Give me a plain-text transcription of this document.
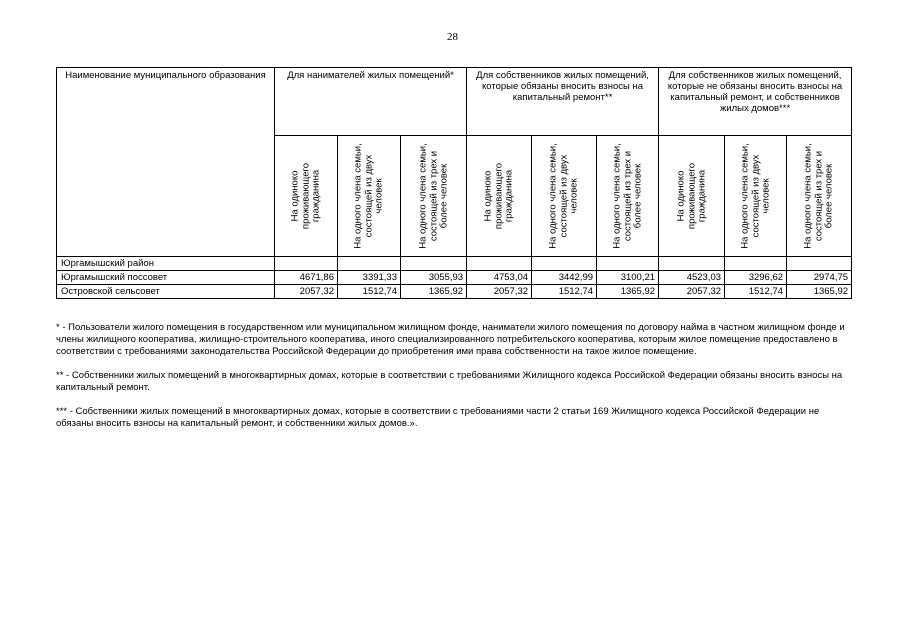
28
Наименование муниципального образования	Для нанимателей жилых помещений*			Для собственников жилых помещений, которые обязаны вносить взносы на капитальный ремонт**			Для собственников жилых помещений, которые не обязаны вносить взносы на капитальный ремонт, и собственников жилых домов***		

	На одиноко проживающего гражданина	На одного члена семьи, состоящей из двух человек	На одного члена семьи, состоящей из трех и более человек	На одиноко проживающего гражданина	На одного члена семьи, состоящей из двух человек	На одного члена семьи, состоящей из трех и более человек	На одиноко проживающего гражданина	На одного члена семьи, состоящей из двух человек	На одного члена семьи, состоящей из трех и более человек

Юргамышский район									
Юргамышский поссовет	4671,86	3391,33	3055,93	4753,04	3442,99	3100,21	4523,03	3296,62	2974,75
Островской сельсовет	2057,32	1512,74	1365,92	2057,32	1512,74	1365,92	2057,32	1512,74	1365,92

* - Пользователи жилого помещения в государственном или муниципальном жилищном фонде, наниматели жилого помещения по договору найма в частном жилищном фонде и члены жилищного кооператива, жилищно-строительного кооператива, иного специализированного потребительского кооператива, которым жилое помещение предоставлено в соответствии с требованиями законодательства Российской Федерации до приобретения ими права собственности на такое жилое помещение.

** - Собственники жилых помещений в многоквартирных домах, которые в соответствии с требованиями Жилищного кодекса Российской Федерации обязаны вносить взносы на капитальный ремонт.

*** - Собственники жилых помещений в многоквартирных домах, которые в соответствии с требованиями части 2 статьи 169 Жилищного кодекса Российской Федерации не обязаны вносить взносы на капитальный ремонт, и собственники жилых домов.».
